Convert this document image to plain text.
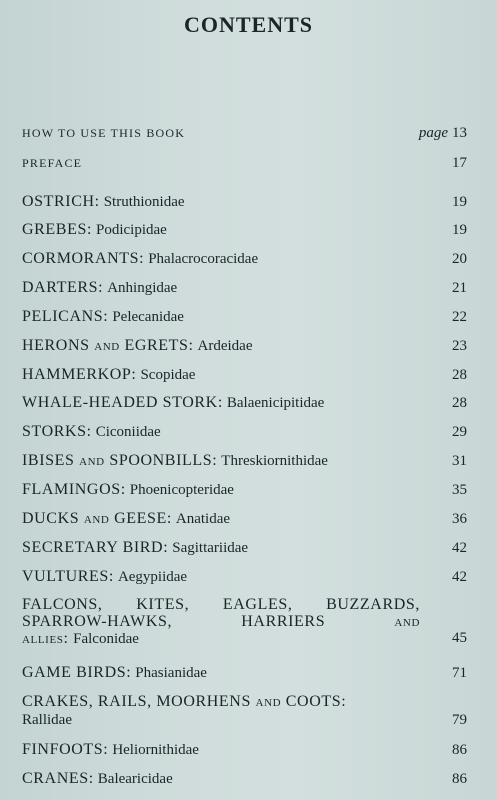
CONTENTS
HOW TO USE THIS BOOK	page 13
PREFACE	17
OSTRICH: Struthionidae	19
GREBES: Podicipidae	19
CORMORANTS: Phalacrocoracidae	20
DARTERS: Anhingidae	21
PELICANS: Pelecanidae	22
HERONS and EGRETS: Ardeidae	23
HAMMERKOP: Scopidae	28
WHALE-HEADED STORK: Balaenicipitidae	28
STORKS: Ciconiidae	29
IBISES and SPOONBILLS: Threskiornithidae	31
FLAMINGOS: Phoenicopteridae	35
DUCKS and GEESE: Anatidae	36
SECRETARY BIRD: Sagittariidae	42
VULTURES: Aegypiidae	42
FALCONS, KITES, EAGLES, BUZZARDS,
SPARROW-HAWKS, HARRIERS and
allies: Falconidae	45
GAME BIRDS: Phasianidae	71
CRAKES, RAILS, MOORHENS and COOTS:
Rallidae	79
FINFOOTS: Heliornithidae	86
CRANES: Balearicidae	86
